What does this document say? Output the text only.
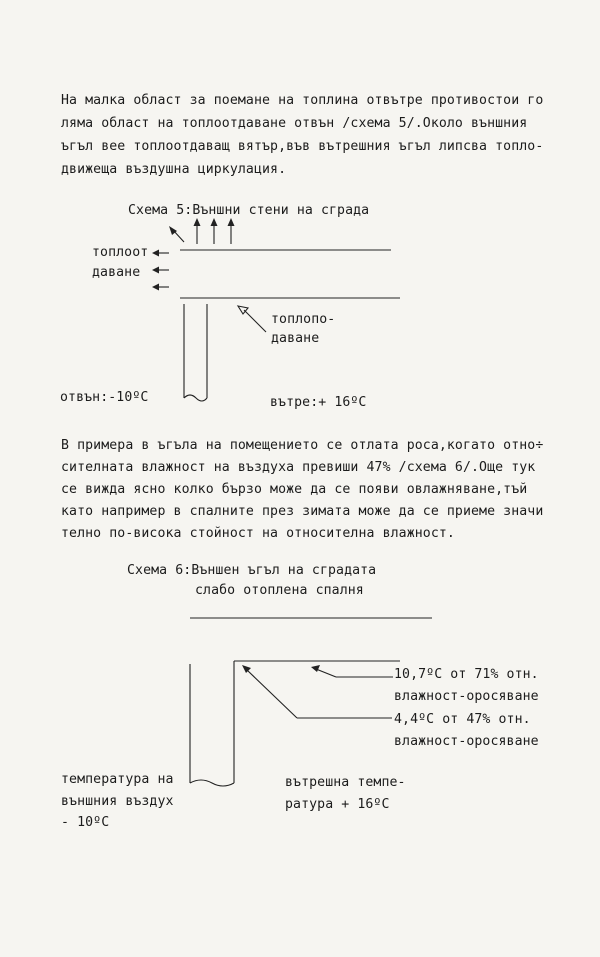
На малка област за поемане на топлина отвътре противостои го

ляма област на топлоотдаване отвън /схема 5/.Около външния

ъгъл вее топлоотдаващ вятър,във вътрешния ъгъл липсва топло-

движеща въздушна циркулация.

Схема 5:Външни стени на сграда
топлоот
даване
топлопо-
даване
отвън:-10ºC	вътре:+ 16ºC

В примера в ъгъла на помещението се отлата роса,когато отно÷

сителната влажност на въздуха превиши 47% /схема 6/.Още тук

се вижда ясно колко бързо може да се появи овлажняване,тъй

като например в спалните през зимата може да се приеме значи

телно по-висока стойност на относителна влажност.

Схема 6:Външен ъгъл на сградата
слабо отоплена спалня
10,7ºC от 71% отн.
влажност-оросяване
4,4ºC от 47% отн.
влажност-оросяване
температура на
външния въздух
- 10ºC
вътрешна темпе-
ратура + 16ºC
